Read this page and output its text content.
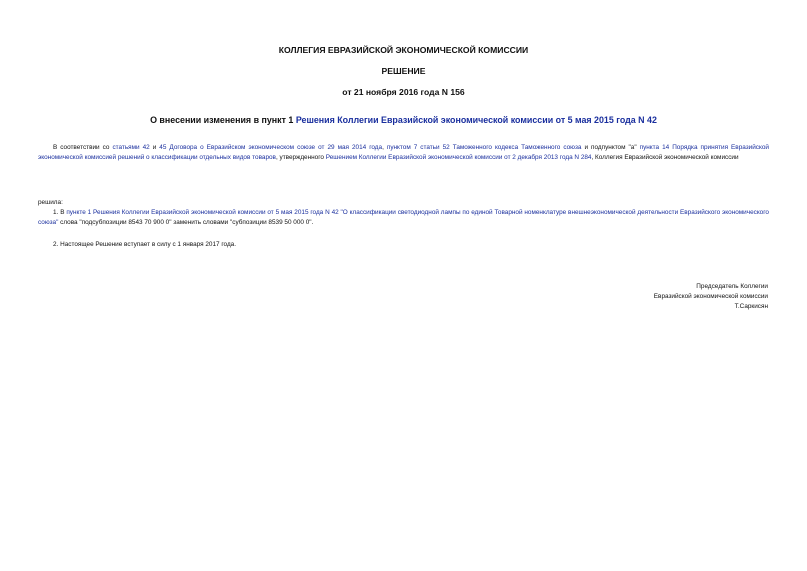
КОЛЛЕГИЯ ЕВРАЗИЙСКОЙ ЭКОНОМИЧЕСКОЙ КОМИССИИ
РЕШЕНИЕ
от 21 ноября 2016 года N 156
О внесении изменения в пункт 1 Решения Коллегии Евразийской экономической комиссии от 5 мая 2015 года N 42
В соответствии со статьями 42 и 45 Договора о Евразийском экономическом союзе от 29 мая 2014 года, пунктом 7 статьи 52 Таможенного кодекса Таможенного союза и подпунктом "а" пункта 14 Порядка принятия Евразийской экономической комиссией решений о классификации отдельных видов товаров, утвержденного Решением Коллегии Евразийской экономической комиссии от 2 декабря 2013 года N 284, Коллегия Евразийской экономической комиссии
решила:
1. В пункте 1 Решения Коллегии Евразийской экономической комиссии от 5 мая 2015 года N 42 "О классификации светодиодной лампы по единой Товарной номенклатуре внешнеэкономической деятельности Евразийского экономического союза" слова "подсубпозиции 8543 70 900 0" заменить словами "субпозиции 8539 50 000 0".
2. Настоящее Решение вступает в силу с 1 января 2017 года.
Председатель Коллегии
Евразийской экономической комиссии
Т.Саркисян
